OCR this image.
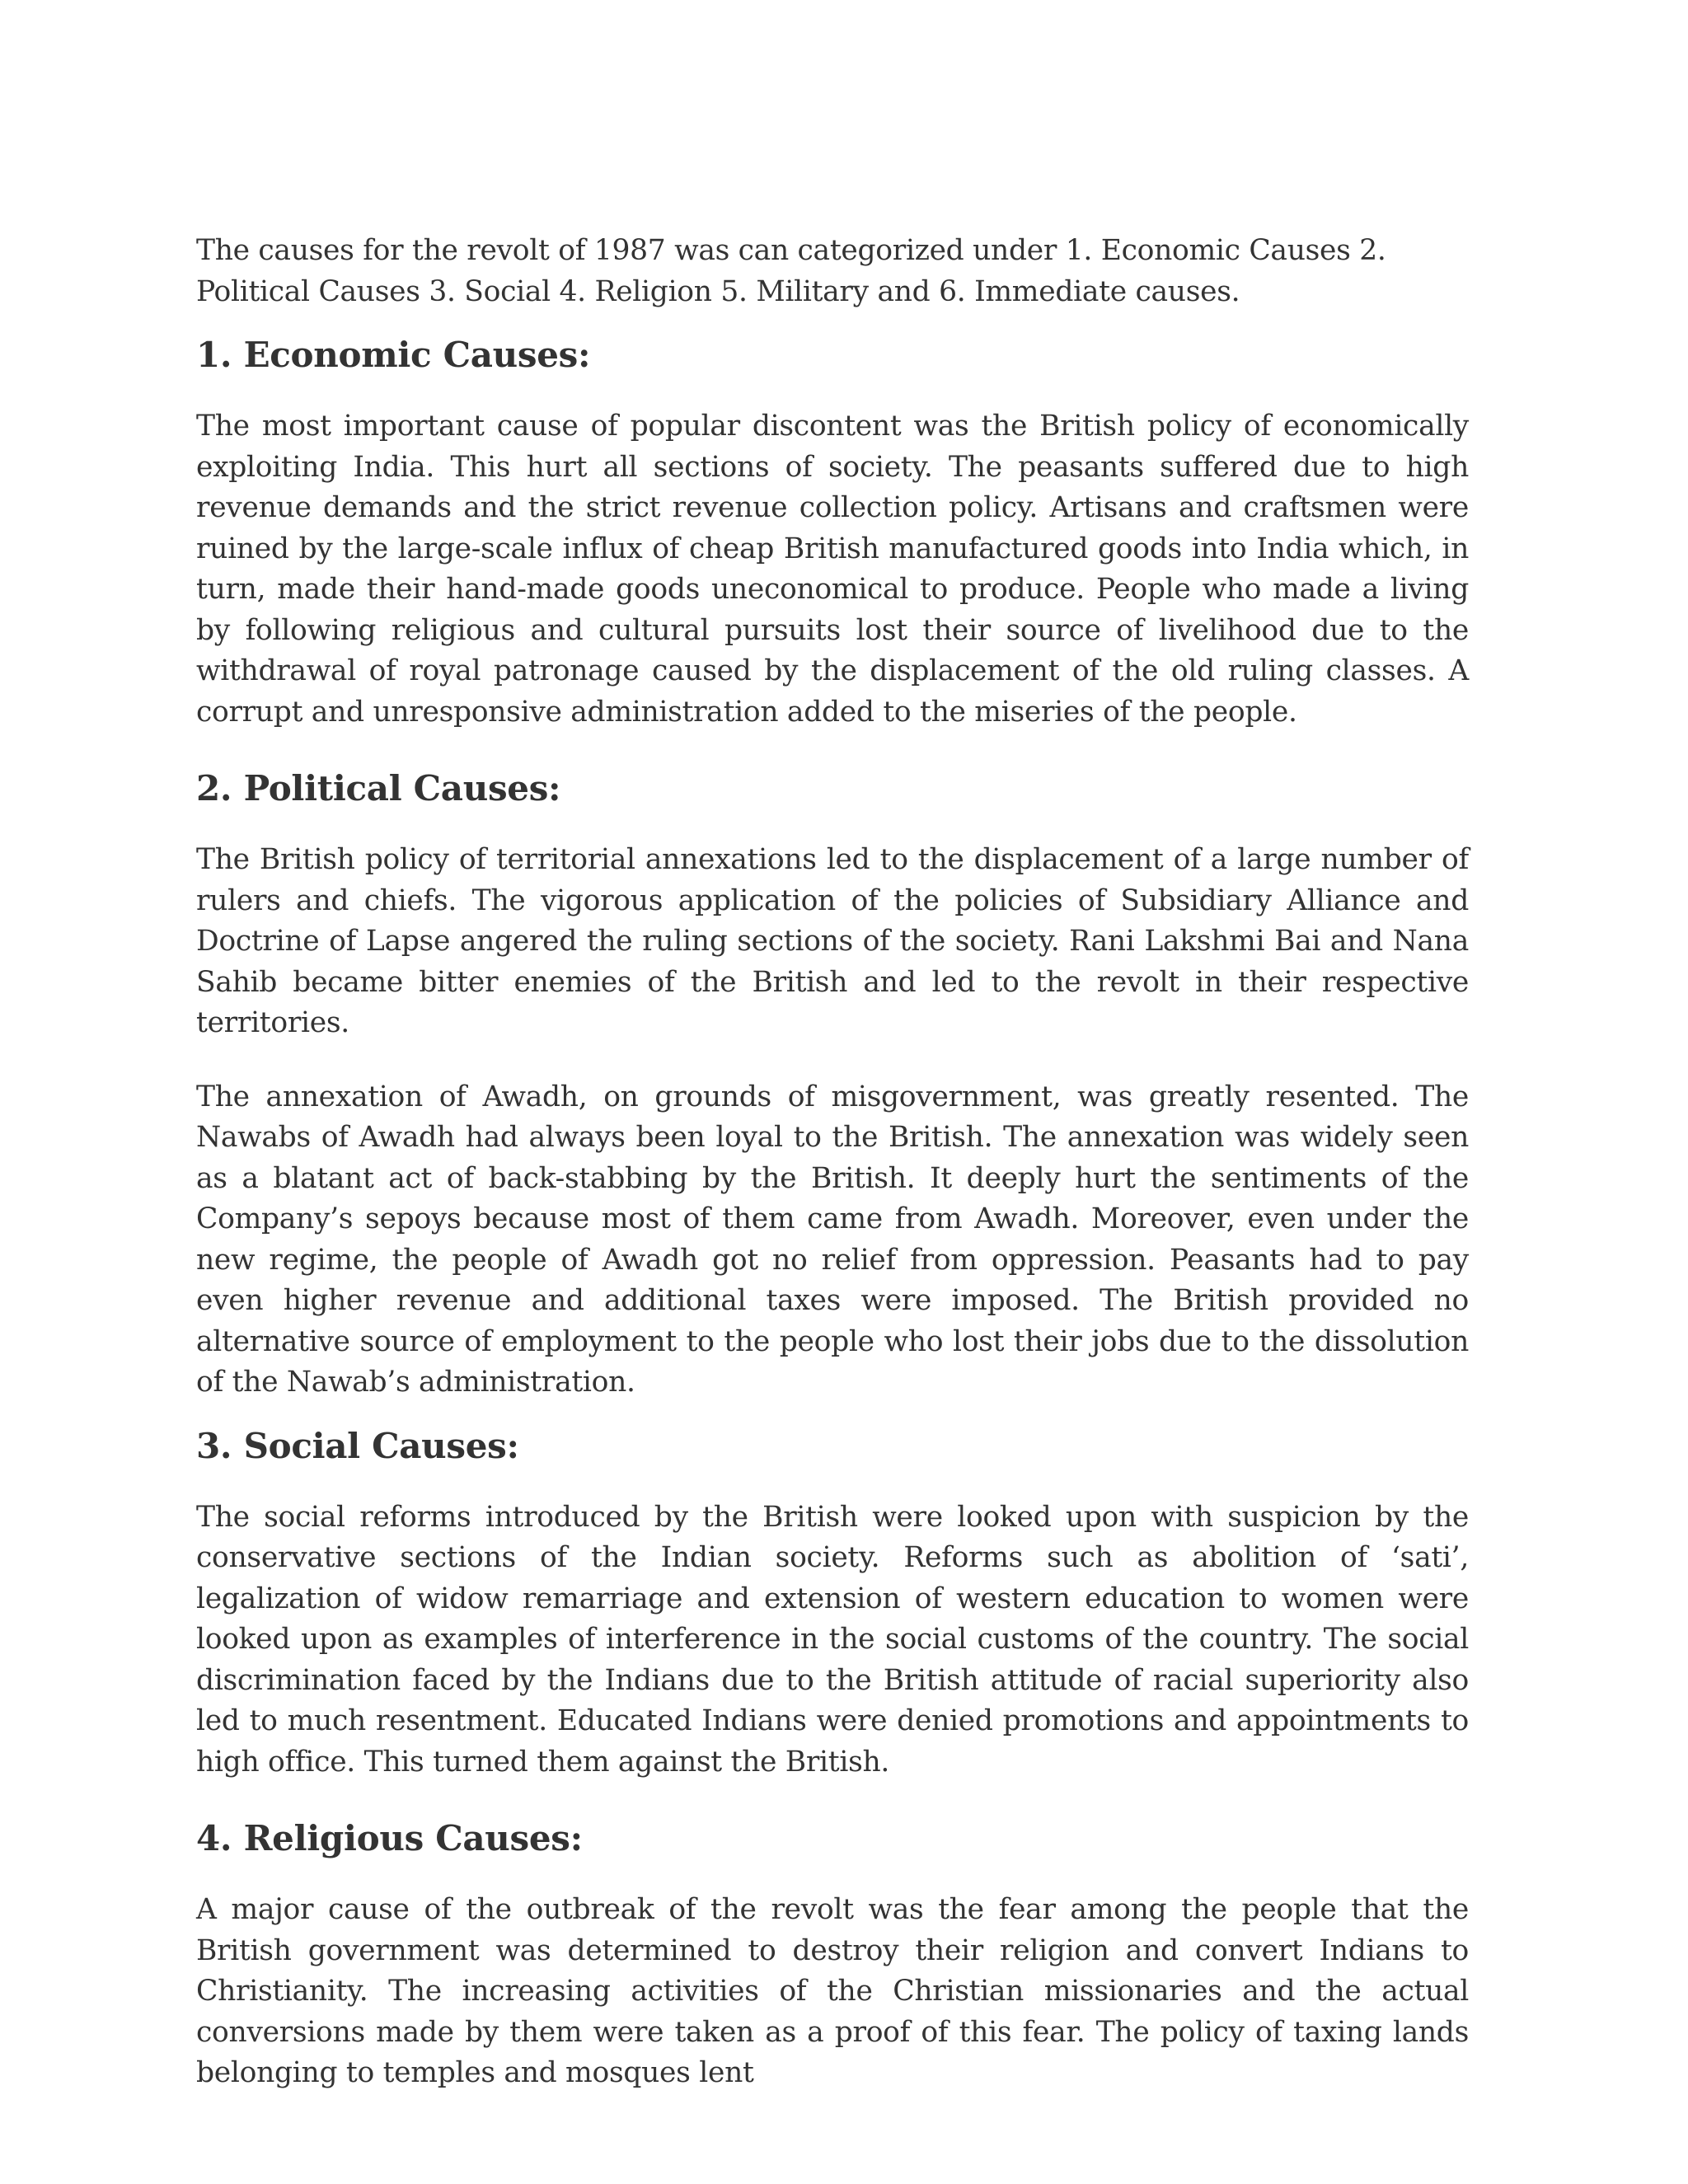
The causes for the revolt of 1987 was can categorized under 1. Economic Causes 2. Political Causes 3. Social 4. Religion 5. Military and 6. Immediate causes.

1. Economic Causes:

The most important cause of popular discontent was the British policy of economically exploiting India. This hurt all sections of society. The peasants suffered due to high revenue demands and the strict revenue collection policy. Artisans and craftsmen were ruined by the large-scale influx of cheap British manufactured goods into India which, in turn, made their hand-made goods uneconomical to produce. People who made a living by following religious and cultural pursuits lost their source of livelihood due to the withdrawal of royal patronage caused by the displacement of the old ruling classes. A corrupt and unresponsive administration added to the miseries of the people.

2. Political Causes:

The British policy of territorial annexations led to the displacement of a large number of rulers and chiefs. The vigorous application of the policies of Subsidiary Alliance and Doctrine of Lapse angered the ruling sections of the society. Rani Lakshmi Bai and Nana Sahib became bitter enemies of the British and led to the revolt in their respective territories.

The annexation of Awadh, on grounds of misgovernment, was greatly resented. The Nawabs of Awadh had always been loyal to the British. The annexation was widely seen as a blatant act of back-stabbing by the British. It deeply hurt the sentiments of the Company’s sepoys because most of them came from Awadh. Moreover, even under the new regime, the people of Awadh got no relief from oppression. Peasants had to pay even higher revenue and additional taxes were imposed. The British provided no alternative source of employment to the people who lost their jobs due to the dissolution of the Nawab’s administration.

3. Social Causes:

The social reforms introduced by the British were looked upon with suspicion by the conservative sections of the Indian society. Reforms such as abolition of ‘sati’, legalization of widow remarriage and extension of western education to women were looked upon as examples of interference in the social customs of the country. The social discrimination faced by the Indians due to the British attitude of racial superiority also led to much resentment. Educated Indians were denied promotions and appointments to high office. This turned them against the British.

4. Religious Causes:

A major cause of the outbreak of the revolt was the fear among the people that the British government was determined to destroy their religion and convert Indians to Christianity. The increasing activities of the Christian missionaries and the actual conversions made by them were taken as a proof of this fear. The policy of taxing lands belonging to temples and mosques lent
